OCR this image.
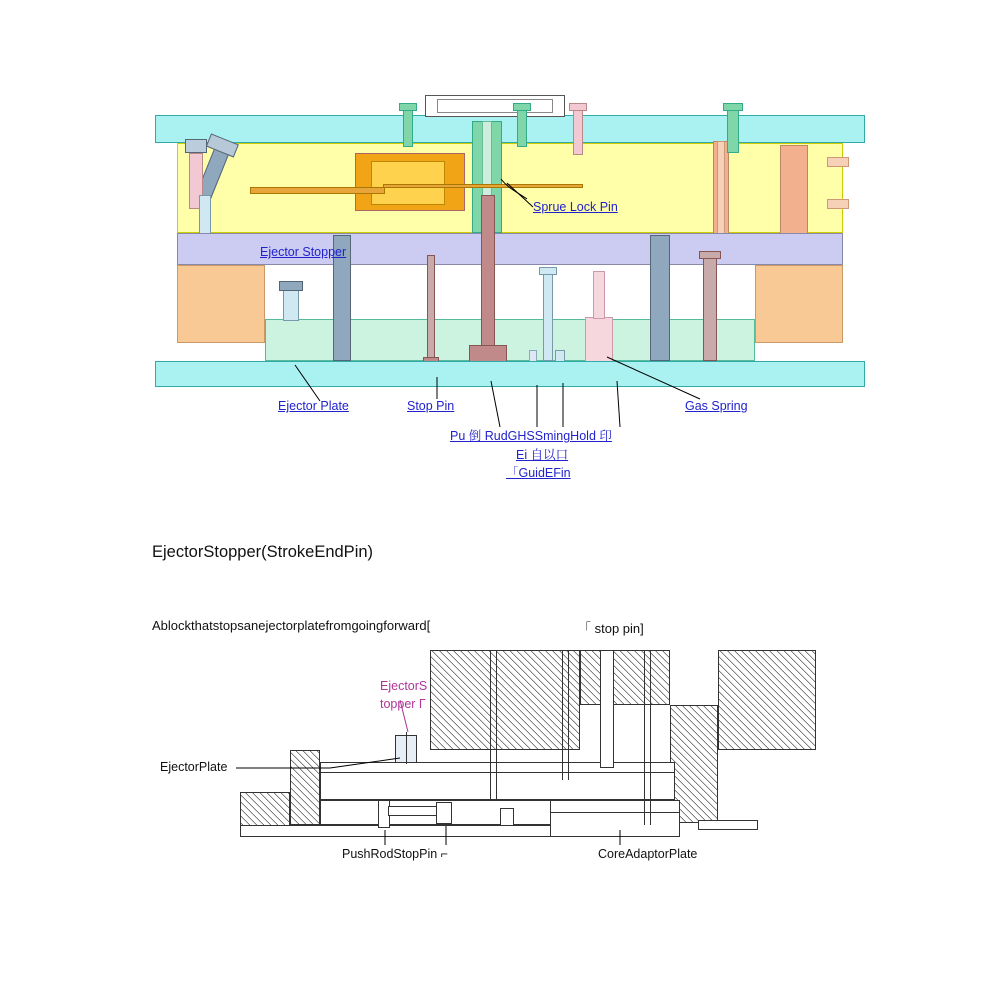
Sprue Lock Pin
Ejector Stopper
Ejector Plate	Stop Pin	Gas Spring
Pu 倒 RudGHSSmingHold 印
Ei 自以口
「GuidEFin
EjectorStopper(StrokeEndPin)
Ablockthatstopsanejectorplatefromgoingforward[	「 stop pin]
EjectorS
topper Γ
EjectorPlate
PushRodStopPin ⌐	CoreAdaptorPlate
